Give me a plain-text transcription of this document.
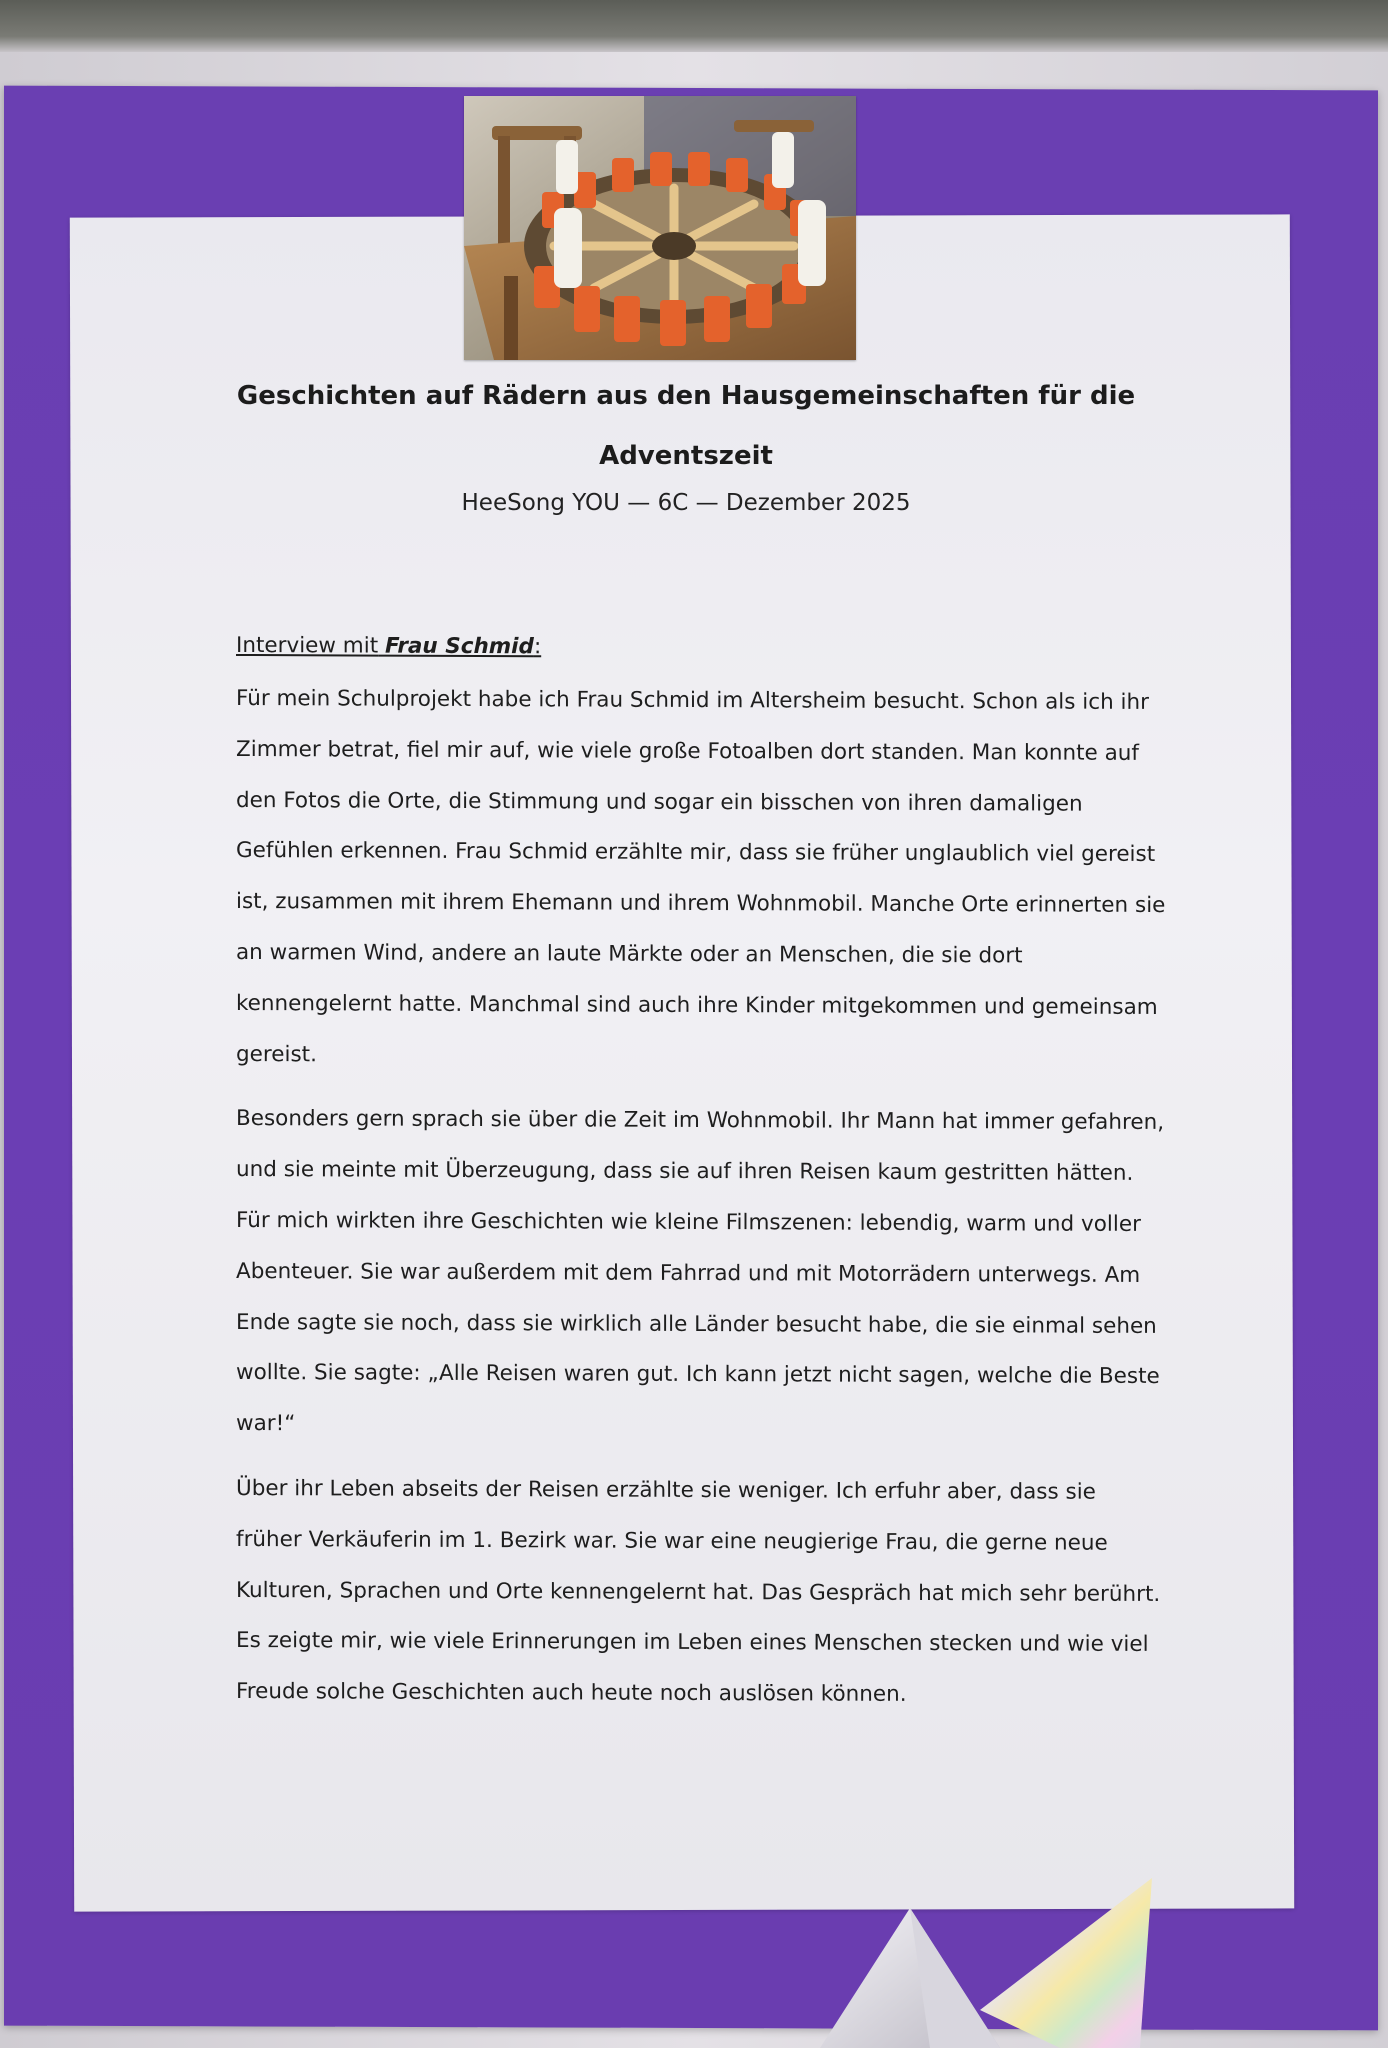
Geschichten auf Rädern aus den Hausgemeinschaften für die
Adventszeit
HeeSong YOU — 6C — Dezember 2025
Interview mit Frau Schmid:

Für mein Schulprojekt habe ich Frau Schmid im Altersheim besucht. Schon als ich ihr Zimmer betrat, fiel mir auf, wie viele große Fotoalben dort standen. Man konnte auf den Fotos die Orte, die Stimmung und sogar ein bisschen von ihren damaligen Gefühlen erkennen. Frau Schmid erzählte mir, dass sie früher unglaublich viel gereist ist, zusammen mit ihrem Ehemann und ihrem Wohnmobil. Manche Orte erinnerten sie an warmen Wind, andere an laute Märkte oder an Menschen, die sie dort kennengelernt hatte. Manchmal sind auch ihre Kinder mitgekommen und gemeinsam gereist.

Besonders gern sprach sie über die Zeit im Wohnmobil. Ihr Mann hat immer gefahren, und sie meinte mit Überzeugung, dass sie auf ihren Reisen kaum gestritten hätten. Für mich wirkten ihre Geschichten wie kleine Filmszenen: lebendig, warm und voller Abenteuer. Sie war außerdem mit dem Fahrrad und mit Motorrädern unterwegs. Am Ende sagte sie noch, dass sie wirklich alle Länder besucht habe, die sie einmal sehen wollte. Sie sagte: „Alle Reisen waren gut. Ich kann jetzt nicht sagen, welche die Beste war!“

Über ihr Leben abseits der Reisen erzählte sie weniger. Ich erfuhr aber, dass sie früher Verkäuferin im 1. Bezirk war. Sie war eine neugierige Frau, die gerne neue Kulturen, Sprachen und Orte kennengelernt hat. Das Gespräch hat mich sehr berührt. Es zeigte mir, wie viele Erinnerungen im Leben eines Menschen stecken und wie viel Freude solche Geschichten auch heute noch auslösen können.
